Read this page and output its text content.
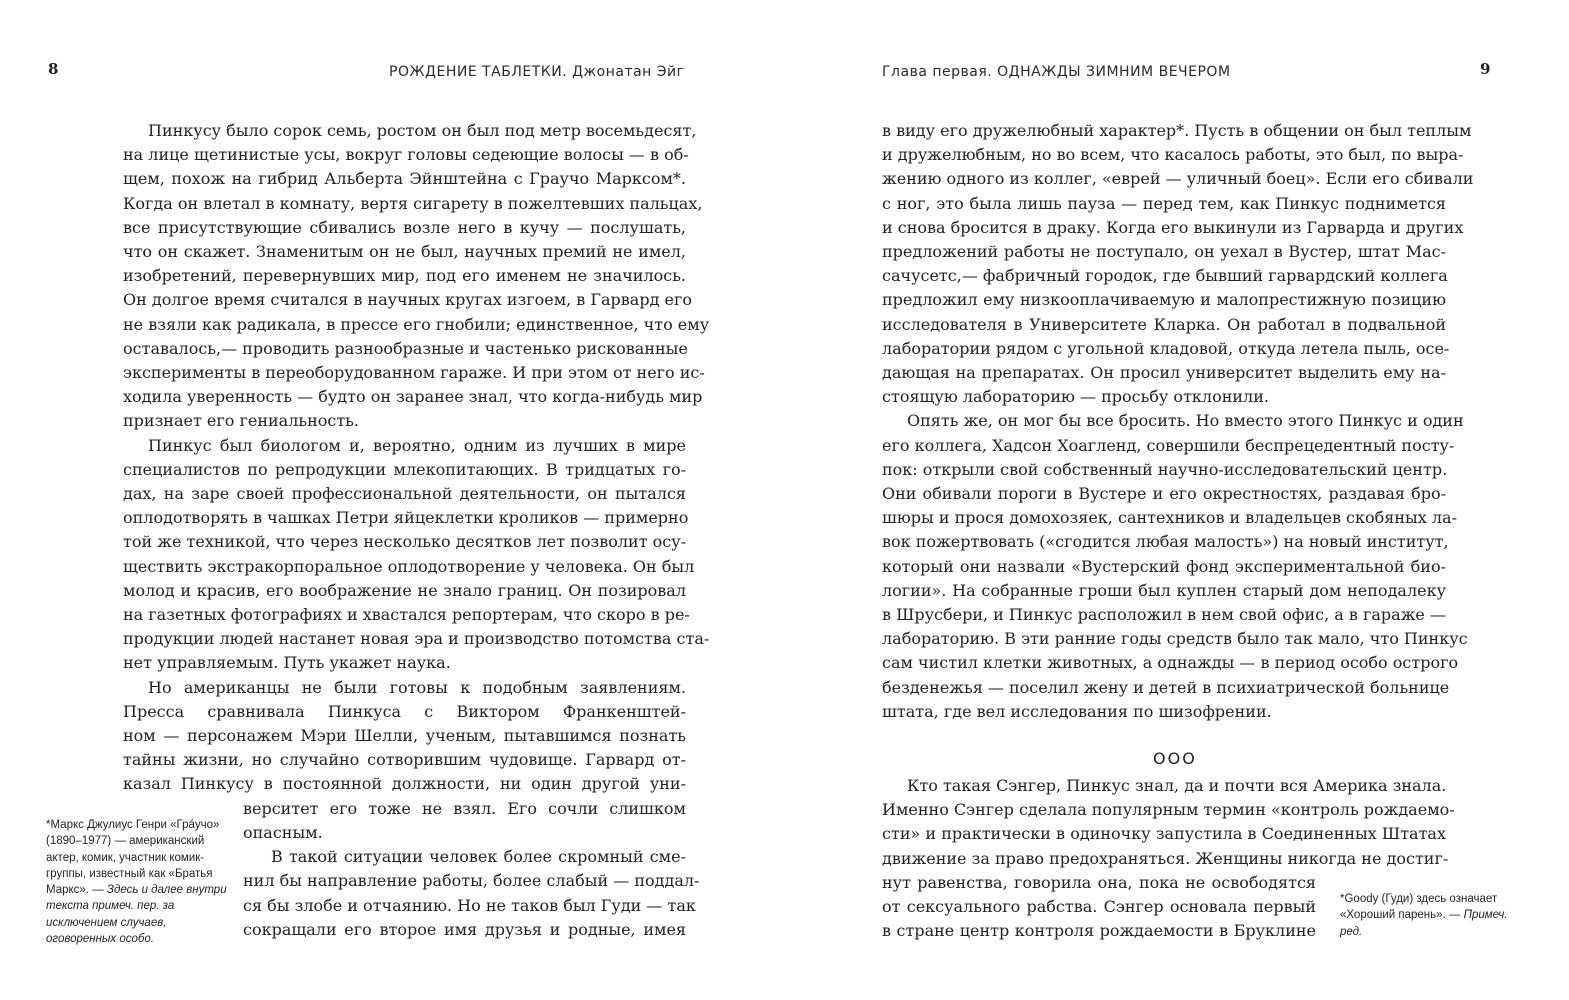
8	РОЖДЕНИЕ ТАБЛЕТКИ. Джонатан Эйг
Пинкусу было сорок семь, ростом он был под метр восемьдесят,
на лице щетинистые усы, вокруг головы седеющие волосы — в об-
щем, похож на гибрид Альберта Эйнштейна с Граучо Марксом*.
Когда он влетал в комнату, вертя сигарету в пожелтевших пальцах,
все присутствующие сбивались возле него в кучу — послушать,
что он скажет. Знаменитым он не был, научных премий не имел,
изобретений, перевернувших мир, под его именем не значилось.
Он долгое время считался в научных кругах изгоем, в Гарвард его
не взяли как радикала, в прессе его гнобили; единственное, что ему
оставалось,— проводить разнообразные и частенько рискованные
эксперименты в переоборудованном гараже. И при этом от него ис-
ходила уверенность — будто он заранее знал, что когда-нибудь мир
признает его гениальность.
Пинкус был биологом и, вероятно, одним из лучших в мире
специалистов по репродукции млекопитающих. В тридцатых го-
дах, на заре своей профессиональной деятельности, он пытался
оплодотворять в чашках Петри яйцеклетки кроликов — примерно
той же техникой, что через несколько десятков лет позволит осу-
ществить экстракорпоральное оплодотворение у человека. Он был
молод и красив, его воображение не знало границ. Он позировал
на газетных фотографиях и хвастался репортерам, что скоро в ре-
продукции людей настанет новая эра и производство потомства ста-
нет управляемым. Путь укажет наука.
Но американцы не были готовы к подобным заявлениям.
Пресса сравнивала Пинкуса с Виктором Франкенштей-
ном — персонажем Мэри Шелли, ученым, пытавшимся познать
тайны жизни, но случайно сотворившим чудовище. Гарвард от-
казал Пинкусу в постоянной должности, ни один другой уни-
верситет его тоже не взял. Его сочли слишком
опасным.
В такой ситуации человек более скромный сме-
нил бы направление работы, более слабый — поддал-
ся бы злобе и отчаянию. Но не таков был Гуди — так
сокращали его второе имя друзья и родные, имея
*Маркс Джулиус Генри «Гра́учо» (1890–1977) — американский актер, комик, участник комик-группы, известный как «Братья Маркс». — Здесь и далее внутри текста примеч. пер. за исключением случаев, оговоренных особо.
Глава первая. ОДНАЖДЫ ЗИМНИМ ВЕЧЕРОМ	9
в виду его дружелюбный характер*. Пусть в общении он был теплым
и дружелюбным, но во всем, что касалось работы, это был, по выра-
жению одного из коллег, «еврей — уличный боец». Если его сбивали
с ног, это была лишь пауза — перед тем, как Пинкус поднимется
и снова бросится в драку. Когда его выкинули из Гарварда и других
предложений работы не поступало, он уехал в Вустер, штат Мас-
сачусетс,— фабричный городок, где бывший гарвардский коллега
предложил ему низкооплачиваемую и малопрестижную позицию
исследователя в Университете Кларка. Он работал в подвальной
лаборатории рядом с угольной кладовой, откуда летела пыль, осе-
дающая на препаратах. Он просил университет выделить ему на-
стоящую лабораторию — просьбу отклонили.
Опять же, он мог бы все бросить. Но вместо этого Пинкус и один
его коллега, Хадсон Хоагленд, совершили беспрецедентный посту-
пок: открыли свой собственный научно-исследовательский центр.
Они обивали пороги в Вустере и его окрестностях, раздавая бро-
шюры и прося домохозяек, сантехников и владельцев скобяных ла-
вок пожертвовать («сгодится любая малость») на новый институт,
который они назвали «Вустерский фонд экспериментальной био-
логии». На собранные гроши был куплен старый дом неподалеку
в Шрусбери, и Пинкус расположил в нем свой офис, а в гараже —
лабораторию. В эти ранние годы средств было так мало, что Пинкус
сам чистил клетки животных, а однажды — в период особо острого
безденежья — поселил жену и детей в психиатрической больнице
штата, где вел исследования по шизофрении.
ООО
Кто такая Сэнгер, Пинкус знал, да и почти вся Америка знала.
Именно Сэнгер сделала популярным термин «контроль рождаемо-
сти» и практически в одиночку запустила в Соединенных Штатах
движение за право предохраняться. Женщины никогда не достиг-
нут равенства, говорила она, пока не освободятся
от сексуального рабства. Сэнгер основала первый
в стране центр контроля рождаемости в Бруклине
*Goody (Гуди) здесь означает «Хороший парень». — Примеч. ред.
